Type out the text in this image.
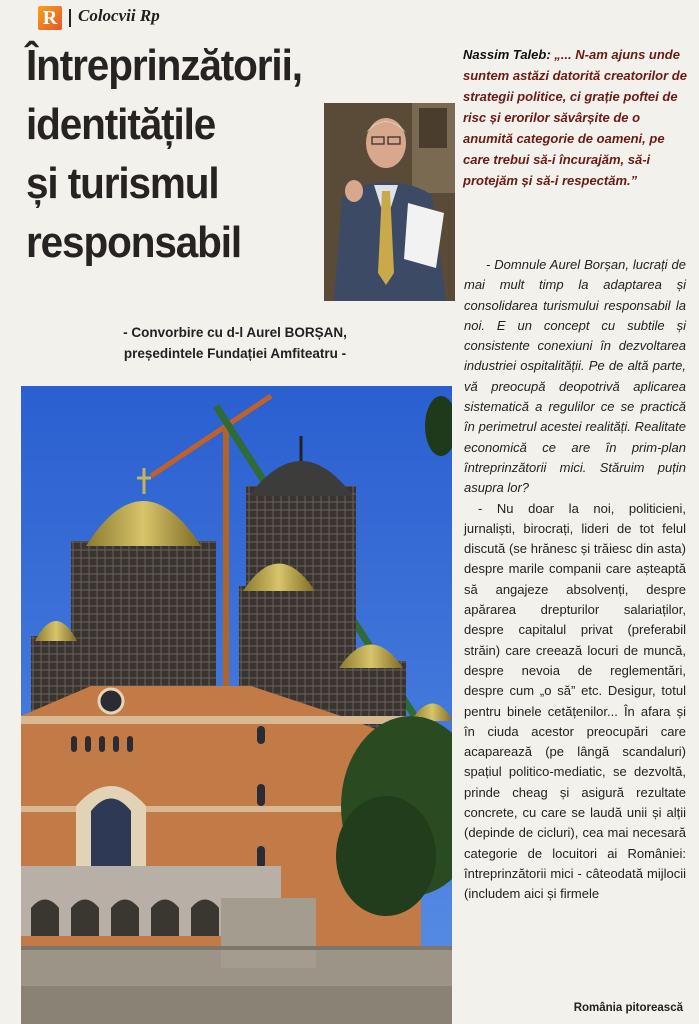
R Colocvii Rp
Întreprinzătorii,
identitățile
și turismul
responsabil
- Convorbire cu d-l Aurel BORȘAN,
președintele Fundației Amfiteatru -
Nassim Taleb: „... N-am ajuns unde suntem astăzi datorită creatorilor de strategii politice, ci grație poftei de risc și erorilor săvârșite de o anumită categorie de oameni, pe care trebui să-i încurajăm, să-i protejăm și să-i respectăm.”

- Domnule Aurel Borșan, lucrați de mai mult timp la adaptarea și consolidarea turismului responsabil la noi. E un concept cu subtile și consistente conexiuni în dezvoltarea industriei ospitalității. Pe de altă parte, vă preocupă deopotrivă aplicarea sistematică a regulilor ce se practică în perimetrul acestei realități. Realitate economică ce are în prim-plan întreprinzătorii mici. Stăruim puțin asupra lor?

- Nu doar la noi, politicieni, jurnaliști, birocrați, lideri de tot felul discută (se hrănesc și trăiesc din asta) despre marile companii care așteaptă să angajeze absolvenți, despre apărarea drepturilor salariaților, despre capitalul privat (preferabil străin) care creează locuri de muncă, despre nevoia de reglementări, despre cum „o să” etc. Desigur, totul pentru binele cetățenilor... În afara și în ciuda acestor preocupări care acaparează (pe lângă scandaluri) spațiul politico-mediatic, se dezvoltă, prinde cheag și asigură rezultate concrete, cu care se laudă unii și alții (depinde de cicluri), cea mai necesară categorie de locuitori ai României: întreprinzătorii mici - câteodată mijlocii (includem aici și firmele

România pitorească
